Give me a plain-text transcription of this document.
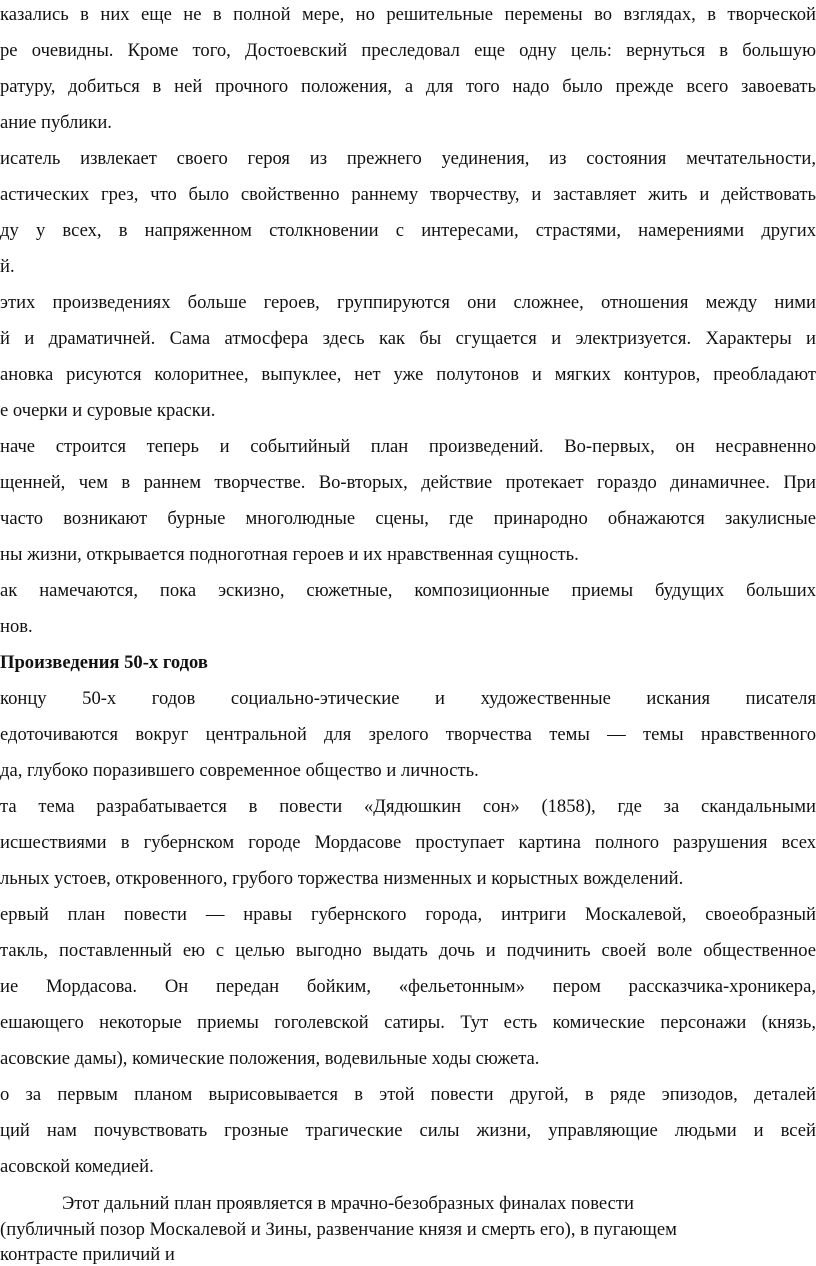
казались в них еще не в полной мере, но решительные перемены во взглядах, в творческой
ре очевидны. Кроме того, Достоевский преследовал еще одну цель: вернуться в большую
ратуру, добиться в ней прочного положения, а для того надо было прежде всего завоевать
ание публики.
исатель извлекает своего героя из прежнего уединения, из состояния мечтательности,
астических грез, что было свойственно раннему творчеству, и заставляет жить и действовать
ду у всех, в напряженном столкновении с интересами, страстями, намерениями других
й.
этих произведениях больше героев, группируются они сложнее, отношения между ними
й и драматичней. Сама атмосфера здесь как бы сгущается и электризуется. Характеры и
ановка рисуются колоритнее, выпуклее, нет уже полутонов и мягких контуров, преобладают
е очерки и суровые краски.
наче строится теперь и событийный план произведений. Во-первых, он несравненно
щенней, чем в раннем творчестве. Во-вторых, действие протекает гораздо динамичнее. При
часто возникают бурные многолюдные сцены, где принародно обнажаются закулисные
ны жизни, открывается подноготная героев и их нравственная сущность.
ак намечаются, пока эскизно, сюжетные, композиционные приемы будущих больших
нов.
Произведения 50-х годов
концу 50-х годов социально-этические и художественные искания писателя
едоточиваются вокруг центральной для зрелого творчества темы — темы нравственного
да, глубоко поразившего современное общество и личность.
та тема разрабатывается в повести «Дядюшкин сон» (1858), где за скандальными
исшествиями в губернском городе Мордасове проступает картина полного разрушения всех
льных устоев, откровенного, грубого торжества низменных и корыстных вожделений.
ервый план повести — нравы губернского города, интриги Москалевой, своеобразный
такль, поставленный ею с целью выгодно выдать дочь и подчинить своей воле общественное
ие Мордасова. Он передан бойким, «фельетонным» пером рассказчика-хроникера,
ешающего некоторые приемы гоголевской сатиры. Тут есть комические персонажи (князь,
асовские дамы), комические положения, водевильные ходы сюжета.
о за первым планом вырисовывается в этой повести другой, в ряде эпизодов, деталей
ций нам почувствовать грозные трагические силы жизни, управляющие людьми и всей
асовской комедией.
Этот дальний план проявляется в мрачно-безобразных финалах повести
(публичный позор Москалевой и Зины, развенчание князя и смерть его), в пугающем
контрасте приличий и
